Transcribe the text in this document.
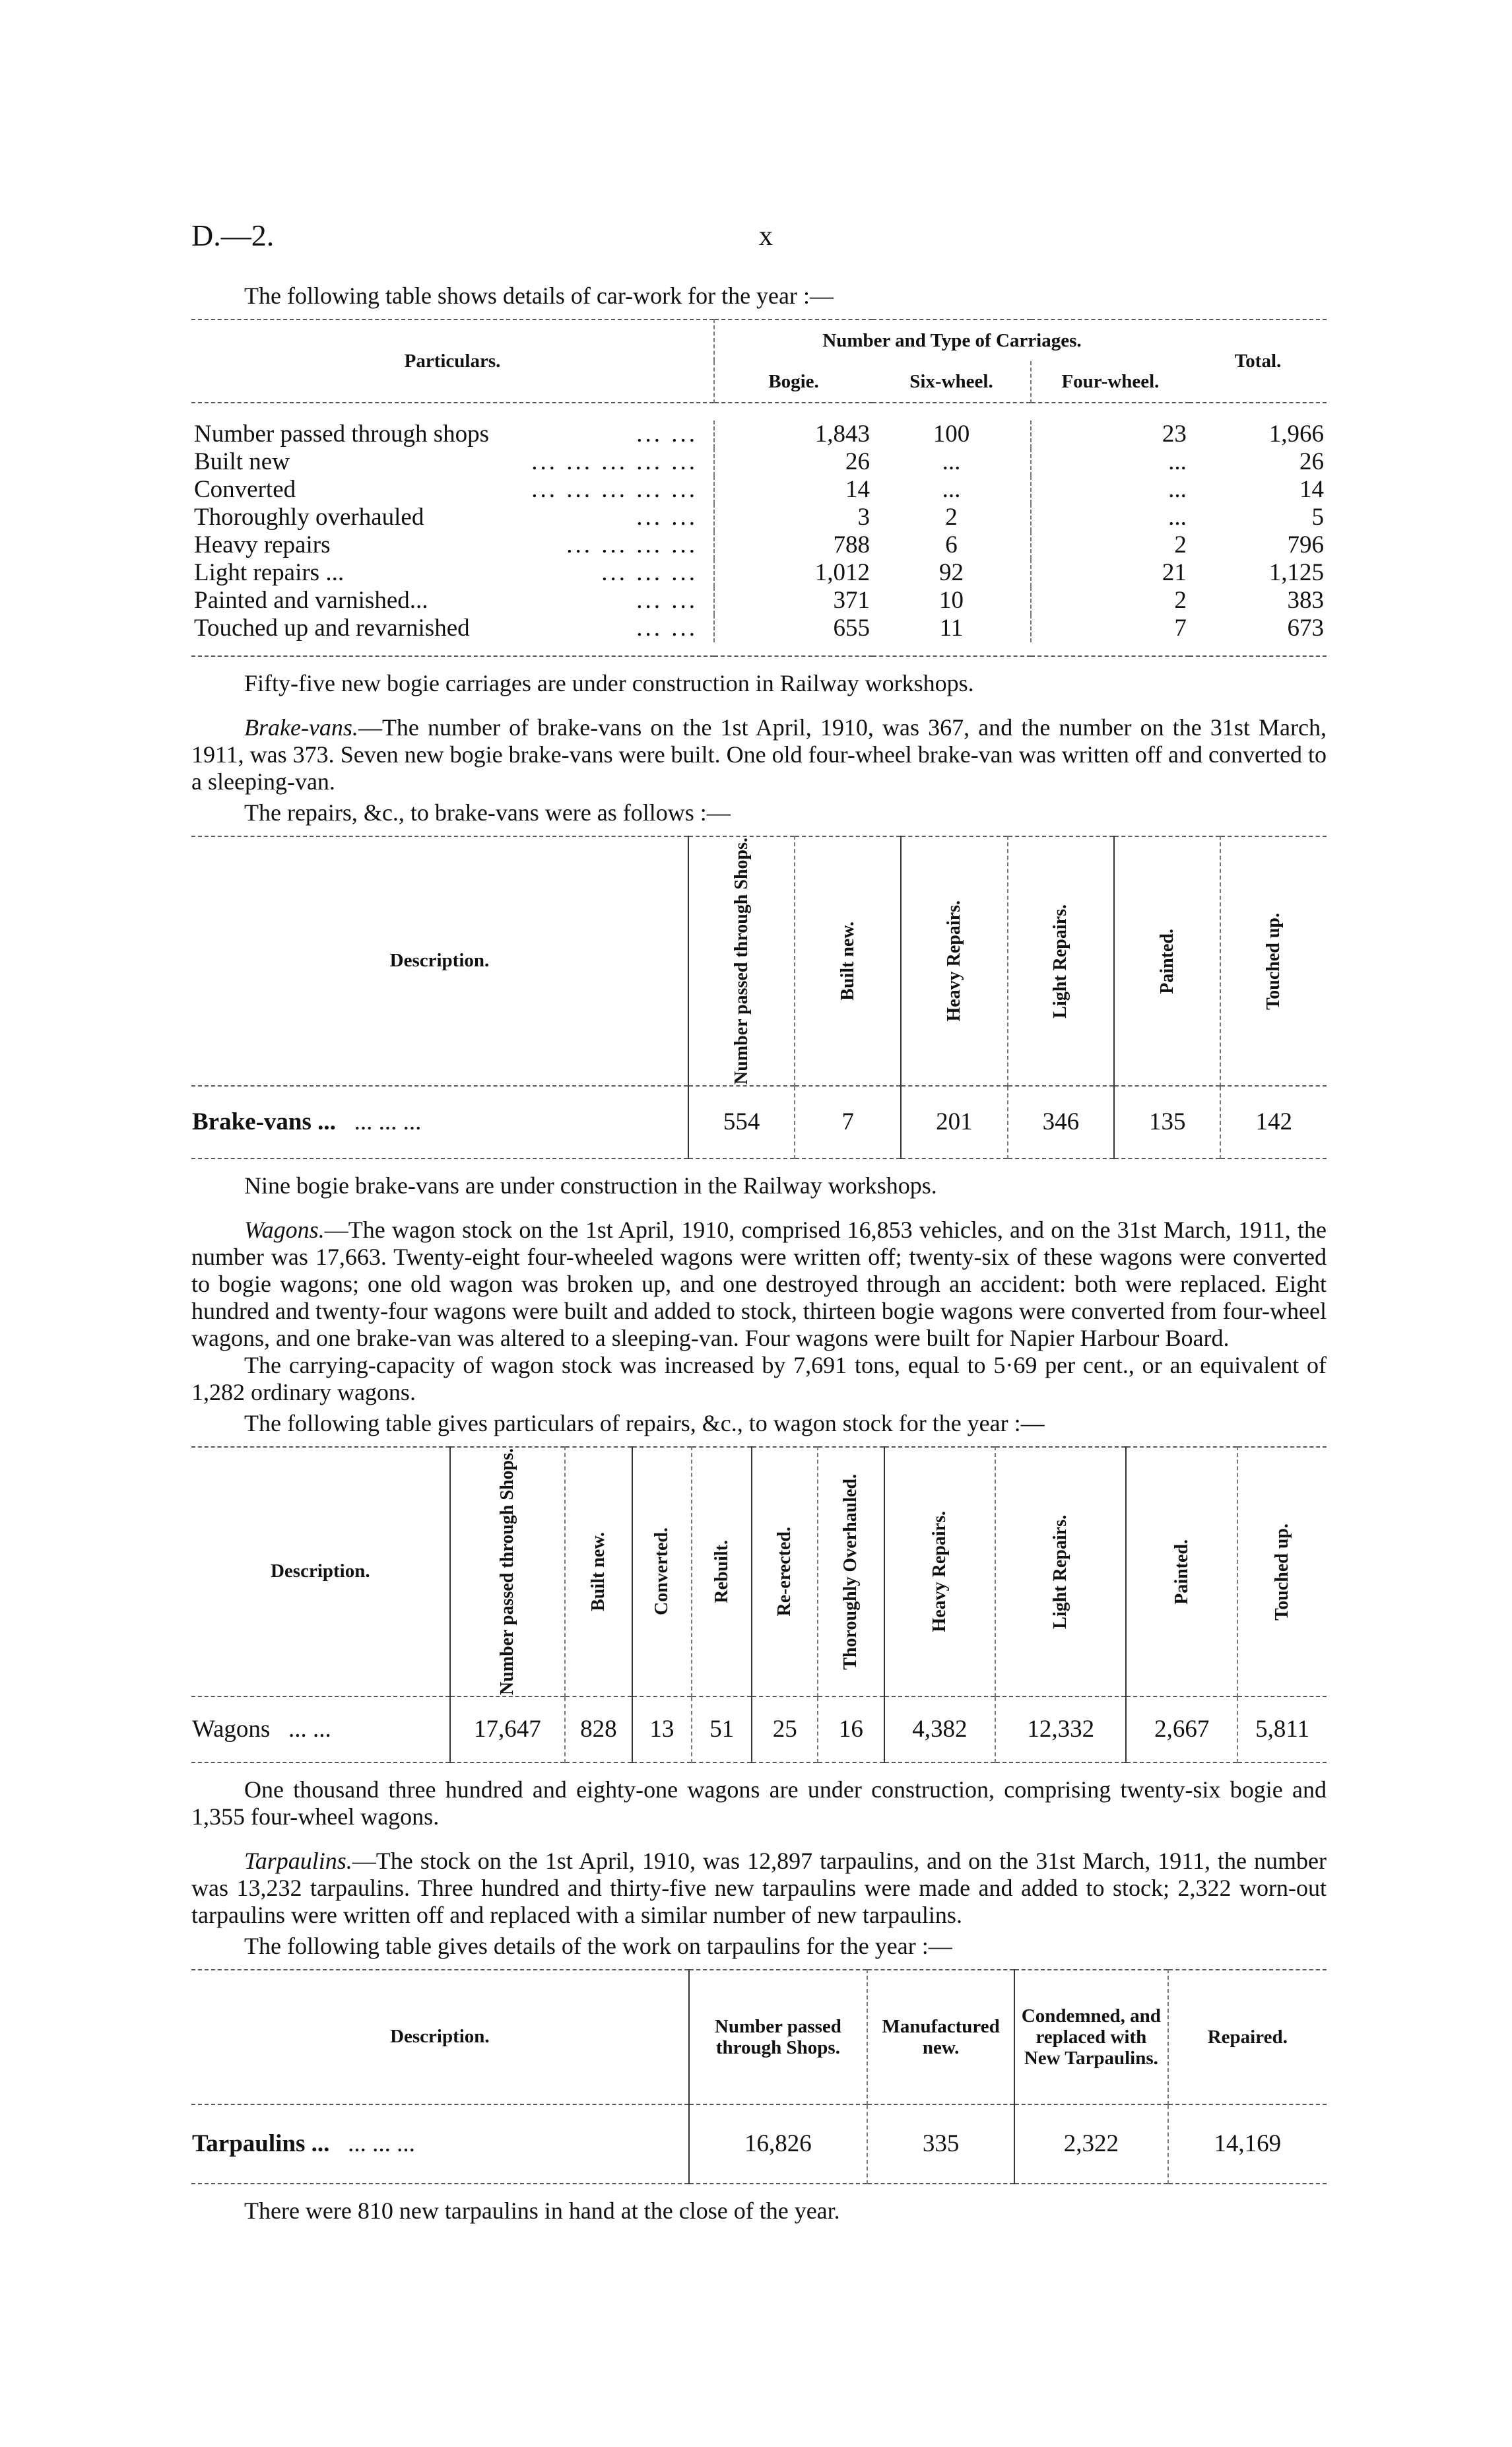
D.—2.	x

The following table shows details of car-work for the year :—

Particulars.	Number and Type of Carriages.			Total.
	Bogie.	Six-wheel.	Four-wheel.	

Number passed through shops ... ...	1,843	100	23	1,966
Built new ... ... ... ... ...	26	...	...	26
Converted ... ... ... ... ...	14	...	...	14
Thoroughly overhauled ... ...	3	2	...	5
Heavy repairs ... ... ... ...	788	6	2	796
Light repairs ... ... ... ...	1,012	92	21	1,125
Painted and varnished... ... ...	371	10	2	383
Touched up and revarnished ... ...	655	11	7	673

Fifty-five new bogie carriages are under construction in Railway workshops.

Brake-vans.—The number of brake-vans on the 1st April, 1910, was 367, and the number on the 31st March, 1911, was 373. Seven new bogie brake-vans were built. One old four-wheel brake-van was written off and converted to a sleeping-van.

The repairs, &c., to brake-vans were as follows :—

Description.	Number passed through Shops.	Built new.	Heavy Repairs.	Light Repairs.	Painted.	Touched up.

Brake-vans ... ... ... ...	554	7	201	346	135	142

Nine bogie brake-vans are under construction in the Railway workshops.

Wagons.—The wagon stock on the 1st April, 1910, comprised 16,853 vehicles, and on the 31st March, 1911, the number was 17,663. Twenty-eight four-wheeled wagons were written off; twenty-six of these wagons were converted to bogie wagons; one old wagon was broken up, and one destroyed through an accident: both were replaced. Eight hundred and twenty-four wagons were built and added to stock, thirteen bogie wagons were converted from four-wheel wagons, and one brake-van was altered to a sleeping-van. Four wagons were built for Napier Harbour Board.

The carrying-capacity of wagon stock was increased by 7,691 tons, equal to 5·69 per cent., or an equivalent of 1,282 ordinary wagons.

The following table gives particulars of repairs, &c., to wagon stock for the year :—

Description.	Number passed through Shops.	Built new.	Converted.	Rebuilt.	Re-erected.	Thoroughly Overhauled.	Heavy Repairs.	Light Repairs.	Painted.	Touched up.

Wagons ... ...	17,647	828	13	51	25	16	4,382	12,332	2,667	5,811

One thousand three hundred and eighty-one wagons are under construction, comprising twenty-six bogie and 1,355 four-wheel wagons.

Tarpaulins.—The stock on the 1st April, 1910, was 12,897 tarpaulins, and on the 31st March, 1911, the number was 13,232 tarpaulins. Three hundred and thirty-five new tarpaulins were made and added to stock; 2,322 worn-out tarpaulins were written off and replaced with a similar number of new tarpaulins.

The following table gives details of the work on tarpaulins for the year :—

Description.	Number passed through Shops.	Manufactured new.	Condemned, and replaced with New Tarpaulins.	Repaired.

Tarpaulins ... ... ... ...	16,826	335	2,322	14,169

There were 810 new tarpaulins in hand at the close of the year.
